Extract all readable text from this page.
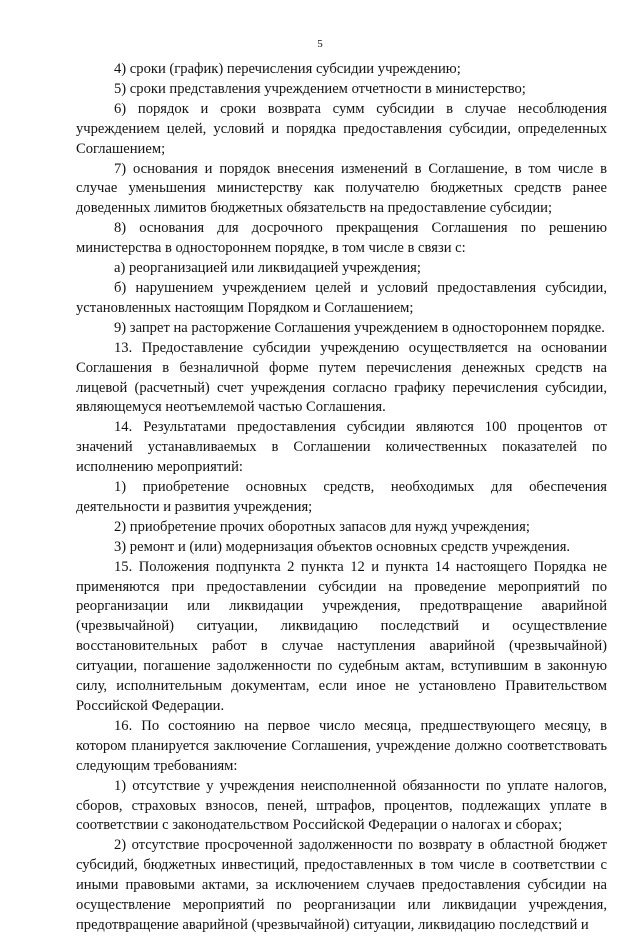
5

4) сроки (график) перечисления субсидии учреждению;

5) сроки представления учреждением отчетности в министерство;

6) порядок и сроки возврата сумм субсидии в случае несоблюдения учреждением целей, условий и порядка предоставления субсидии, определенных Соглашением;

7) основания и порядок внесения изменений в Соглашение, в том числе в случае уменьшения министерству как получателю бюджетных средств ранее доведенных лимитов бюджетных обязательств на предоставление субсидии;

8) основания для досрочного прекращения Соглашения по решению министерства в одностороннем порядке, в том числе в связи с:

а) реорганизацией или ликвидацией учреждения;

б) нарушением учреждением целей и условий предоставления субсидии, установленных настоящим Порядком и Соглашением;

9) запрет на расторжение Соглашения учреждением в одностороннем порядке.

13. Предоставление субсидии учреждению осуществляется на основании Соглашения в безналичной форме путем перечисления денежных средств на лицевой (расчетный) счет учреждения согласно графику перечисления субсидии, являющемуся неотъемлемой частью Соглашения.

14. Результатами предоставления субсидии являются 100 процентов от значений устанавливаемых в Соглашении количественных показателей по исполнению мероприятий:

1) приобретение основных средств, необходимых для обеспечения деятельности и развития учреждения;

2) приобретение прочих оборотных запасов для нужд учреждения;

3) ремонт и (или) модернизация объектов основных средств учреждения.

15. Положения подпункта 2 пункта 12 и пункта 14 настоящего Порядка не применяются при предоставлении субсидии на проведение мероприятий по реорганизации или ликвидации учреждения, предотвращение аварийной (чрезвычайной) ситуации, ликвидацию последствий и осуществление восстановительных работ в случае наступления аварийной (чрезвычайной) ситуации, погашение задолженности по судебным актам, вступившим в законную силу, исполнительным документам, если иное не установлено Правительством Российской Федерации.

16. По состоянию на первое число месяца, предшествующего месяцу, в котором планируется заключение Соглашения, учреждение должно соответствовать следующим требованиям:

1) отсутствие у учреждения неисполненной обязанности по уплате налогов, сборов, страховых взносов, пеней, штрафов, процентов, подлежащих уплате в соответствии с законодательством Российской Федерации о налогах и сборах;

2) отсутствие просроченной задолженности по возврату в областной бюджет субсидий, бюджетных инвестиций, предоставленных в том числе в соответствии с иными правовыми актами, за исключением случаев предоставления субсидии на осуществление мероприятий по реорганизации или ликвидации учреждения, предотвращение аварийной (чрезвычайной) ситуации, ликвидацию последствий и
